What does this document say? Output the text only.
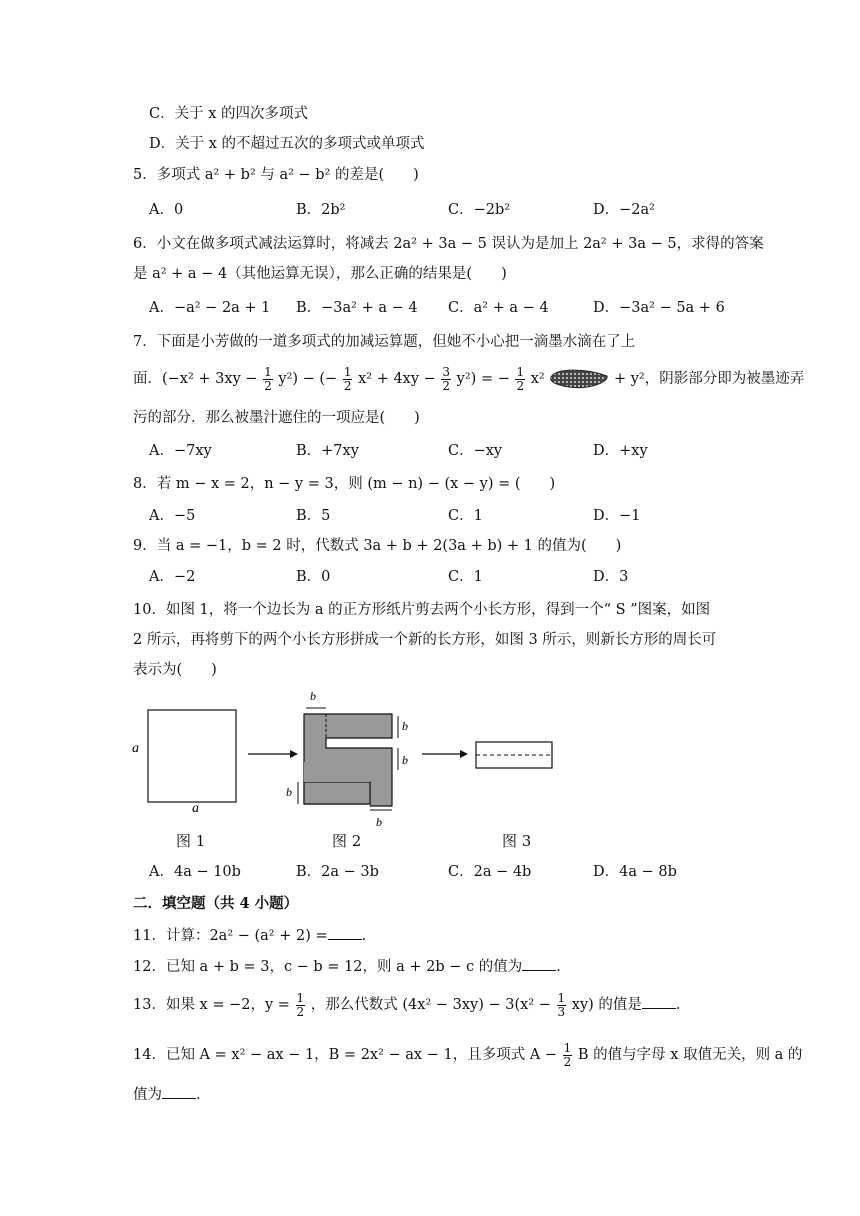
C．关于 x 的四次多项式
D．关于 x 的不超过五次的多项式或单项式
5．多项式 a² + b² 与 a² − b² 的差是(　　)
A．0	B．2b²	C．−2b²	D．−2a²
6．小文在做多项式减法运算时，将减去 2a² + 3a − 5 误认为是加上 2a² + 3a − 5，求得的答案
是 a² + a − 4（其他运算无误），那么正确的结果是(　　)
A．−a² − 2a + 1 B．−3a² + a − 4 C．a² + a − 4	D．−3a² − 5a + 6
7．下面是小芳做的一道多项式的加减运算题，但她不小心把一滴墨水滴在了上
面．$(-x^2 + 3xy - \frac{1}{2} y^2)$ − (− $\frac{1}{2} x^2 + 4xy - \frac{3}{2} y^2$) = − $\frac{1}{2} x^2$	+ y²，阴影部分即为被墨迹弄
污的部分．那么被墨汁遮住的一项应是(　　)
A．−7xy	B．+7xy	C．−xy	D．+xy
8．若 m − x = 2，n − y = 3，则 (m − n) − (x − y) = (　　)
A．−5	B．5	C．1	D．−1
9．当 a = −1，b = 2 时，代数式 3a + b + 2(3a + b) + 1 的值为(　　)
A．−2	B．0	C．1	D．3
10．如图 1，将一个边长为 a 的正方形纸片剪去两个小长方形，得到一个“ S ”图案，如图
2 所示，再将剪下的两个小长方形拼成一个新的长方形，如图 3 所示，则新长方形的周长可
表示为(　　)
a
a
b
b
b
b
b
图 1	图 2	图 3
A．4a − 10b	B．2a − 3b	C．2a − 4b	D．4a − 8b
二．填空题（共 4 小题）
11．计算：2a² − (a² + 2) = .
12．已知 a + b = 3，c − b = 12，则 a + 2b − c 的值为 .
13．如果 x = −2，$y = \frac{1}{2}$ ，那么代数式 $(4x^2 - 3xy) - 3(x^2 - \frac{1}{3} xy)$ 的值是 .
14．已知 A = x² − ax − 1，B = 2x² − ax − 1，且多项式 $A - \frac{1}{2}$ B 的值与字母 x 取值无关，则 a 的
值为 .
